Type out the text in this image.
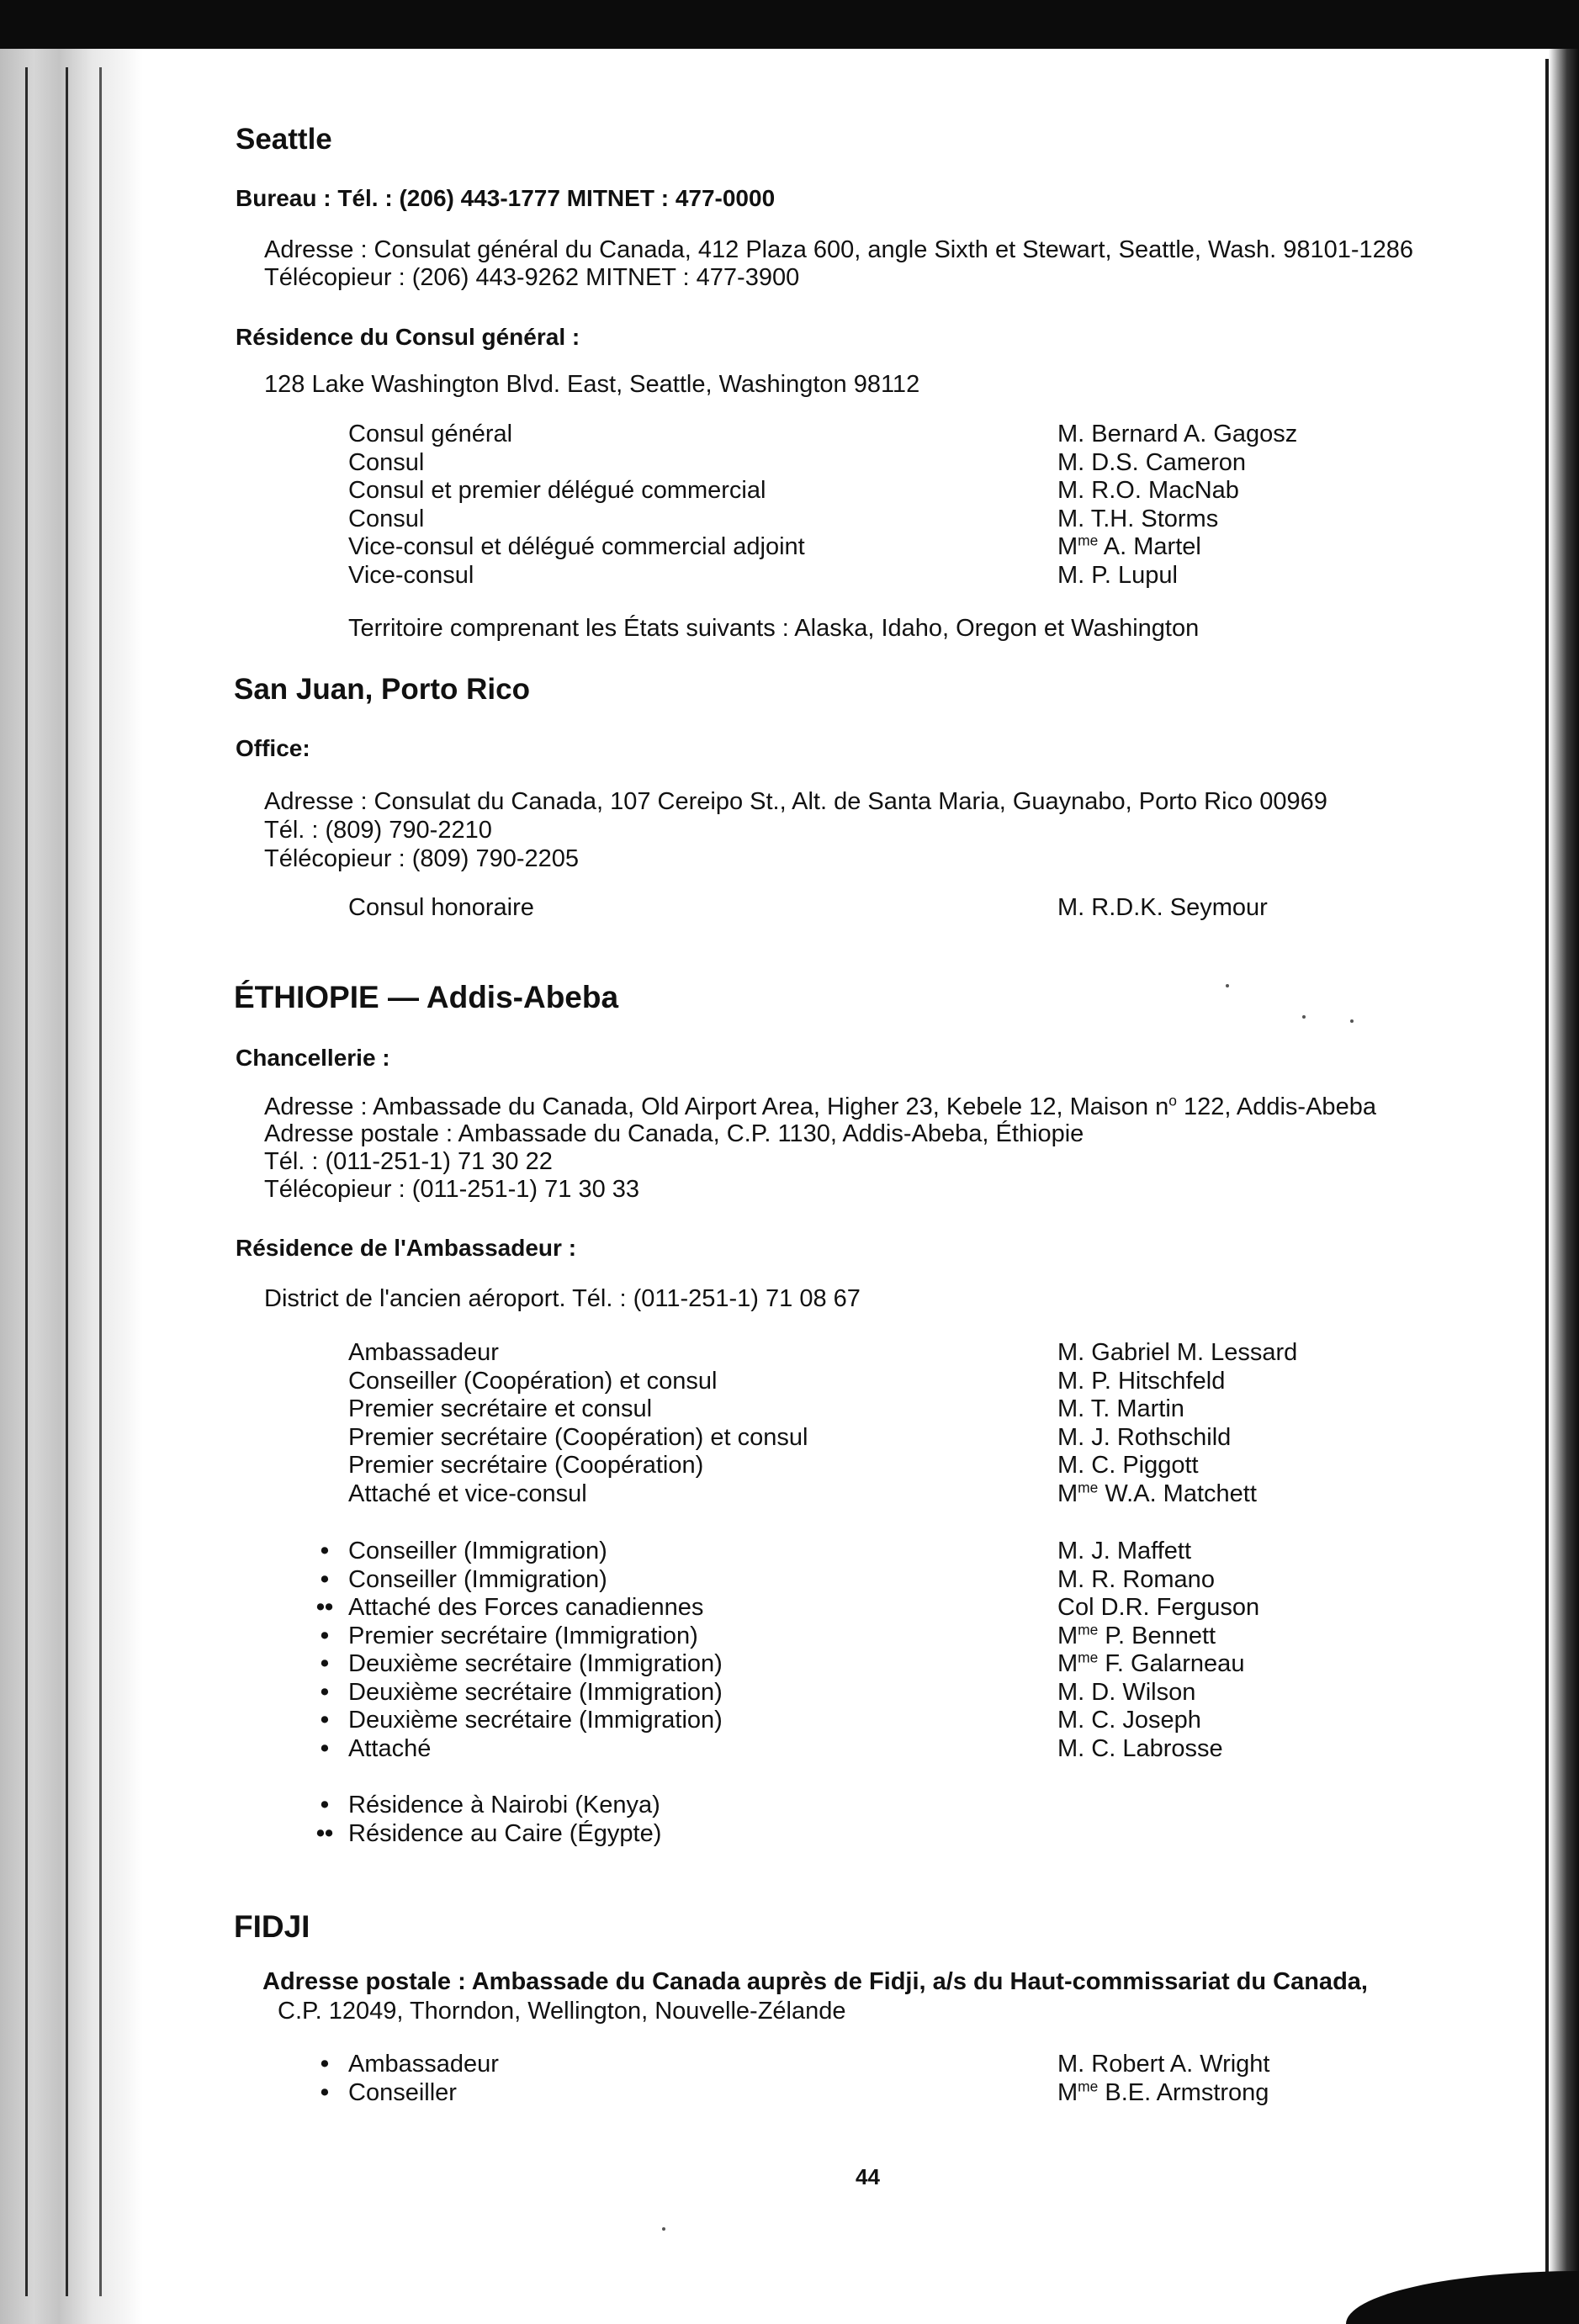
Seattle
Bureau : Tél. : (206) 443-1777 MITNET : 477-0000
Adresse : Consulat général du Canada, 412 Plaza 600, angle Sixth et Stewart, Seattle, Wash. 98101-1286
Télécopieur : (206) 443-9262 MITNET : 477-3900
Résidence du Consul général :
128 Lake Washington Blvd. East, Seattle, Washington 98112
Consul général	M. Bernard A. Gagosz
Consul	M. D.S. Cameron
Consul et premier délégué commercial	M. R.O. MacNab
Consul	M. T.H. Storms
Vice-consul et délégué commercial adjoint	$M^{me}$ A. Martel
Vice-consul	M. P. Lupul
Territoire comprenant les États suivants : Alaska, Idaho, Oregon et Washington
San Juan, Porto Rico
Office:
Adresse : Consulat du Canada, 107 Cereipo St., Alt. de Santa Maria, Guaynabo, Porto Rico 00969
Tél. : (809) 790-2210
Télécopieur : (809) 790-2205
Consul honoraire	M. R.D.K. Seymour
ÉTHIOPIE — Addis-Abeba
Chancellerie :
Adresse : Ambassade du Canada, Old Airport Area, Higher 23, Kebele 12, Maison $n^o$ 122, Addis-Abeba
Adresse postale : Ambassade du Canada, C.P. 1130, Addis-Abeba, Éthiopie
Tél. : (011-251-1) 71 30 22
Télécopieur : (011-251-1) 71 30 33
Résidence de l'Ambassadeur :
District de l'ancien aéroport. Tél. : (011-251-1) 71 08 67
Ambassadeur	M. Gabriel M. Lessard
Conseiller (Coopération) et consul	M. P. Hitschfeld
Premier secrétaire et consul	M. T. Martin
Premier secrétaire (Coopération) et consul	M. J. Rothschild
Premier secrétaire (Coopération)	M. C. Piggott
Attaché et vice-consul	$M^{me}$ W.A. Matchett
• Conseiller (Immigration)	M. J. Maffett
• Conseiller (Immigration)	M. R. Romano
•• Attaché des Forces canadiennes	Col D.R. Ferguson
• Premier secrétaire (Immigration)	$M^{me}$ P. Bennett
• Deuxième secrétaire (Immigration)	$M^{me}$ F. Galarneau
• Deuxième secrétaire (Immigration)	M. D. Wilson
• Deuxième secrétaire (Immigration)	M. C. Joseph
• Attaché	M. C. Labrosse
• Résidence à Nairobi (Kenya)
•• Résidence au Caire (Égypte)
FIDJI
Adresse postale : Ambassade du Canada auprès de Fidji, a/s du Haut-commissariat du Canada,
C.P. 12049, Thorndon, Wellington, Nouvelle-Zélande
• Ambassadeur	M. Robert A. Wright
• Conseiller	$M^{me}$ B.E. Armstrong
44
